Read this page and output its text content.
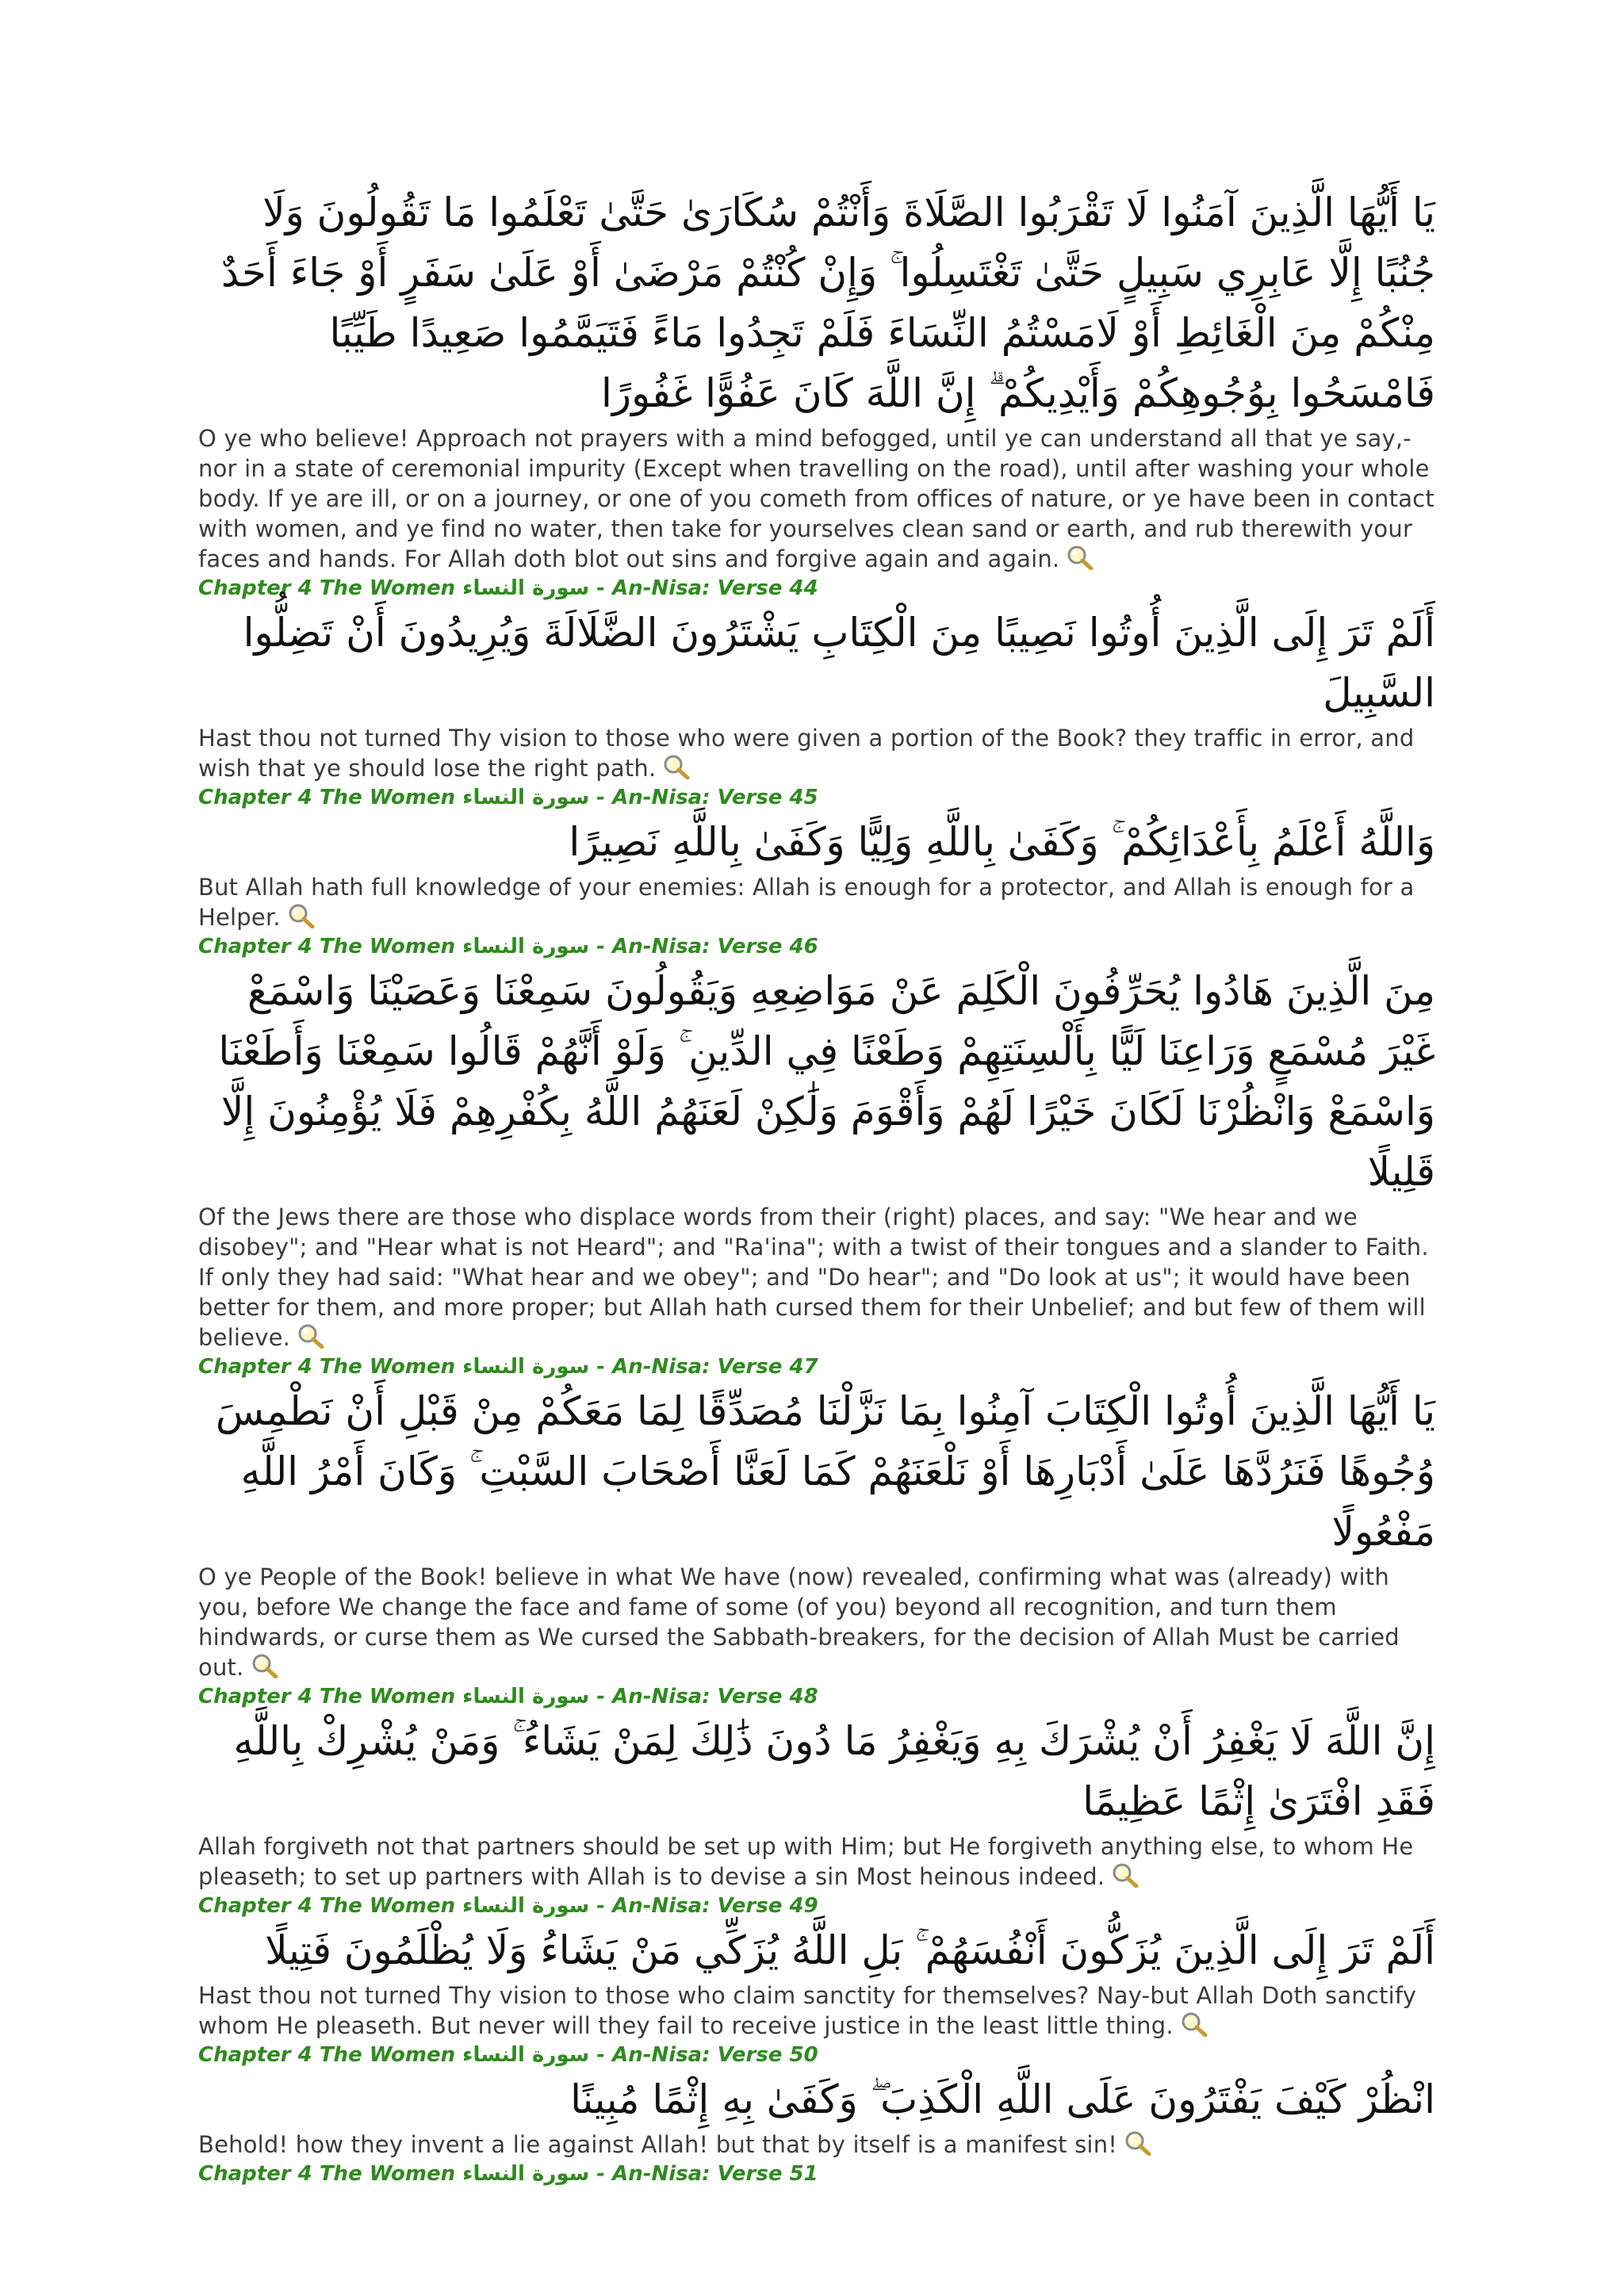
يَا أَيُّهَا الَّذِينَ آمَنُوا لَا تَقْرَبُوا الصَّلَاةَ وَأَنْتُمْ سُكَارَىٰ حَتَّىٰ تَعْلَمُوا مَا تَقُولُونَ وَلَا جُنُبًا إِلَّا عَابِرِي سَبِيلٍ حَتَّىٰ تَغْتَسِلُوا ۚ وَإِنْ كُنْتُمْ مَرْضَىٰ أَوْ عَلَىٰ سَفَرٍ أَوْ جَاءَ أَحَدٌ مِنْكُمْ مِنَ الْغَائِطِ أَوْ لَامَسْتُمُ النِّسَاءَ فَلَمْ تَجِدُوا مَاءً فَتَيَمَّمُوا صَعِيدًا طَيِّبًا فَامْسَحُوا بِوُجُوهِكُمْ وَأَيْدِيكُمْ ۗ إِنَّ اللَّهَ كَانَ عَفُوًّا غَفُورًا

O ye who believe! Approach not prayers with a mind befogged, until ye can understand all that ye say,- nor in a state of ceremonial impurity (Except when travelling on the road), until after washing your whole body. If ye are ill, or on a journey, or one of you cometh from offices of nature, or ye have been in contact with women, and ye find no water, then take for yourselves clean sand or earth, and rub therewith your faces and hands. For Allah doth blot out sins and forgive again and again.

Chapter 4 The Women سورة النساء - An-Nisa: Verse 44

أَلَمْ تَرَ إِلَى الَّذِينَ أُوتُوا نَصِيبًا مِنَ الْكِتَابِ يَشْتَرُونَ الضَّلَالَةَ وَيُرِيدُونَ أَنْ تَضِلُّوا السَّبِيلَ

Hast thou not turned Thy vision to those who were given a portion of the Book? they traffic in error, and wish that ye should lose the right path.

Chapter 4 The Women سورة النساء - An-Nisa: Verse 45

وَاللَّهُ أَعْلَمُ بِأَعْدَائِكُمْ ۚ وَكَفَىٰ بِاللَّهِ وَلِيًّا وَكَفَىٰ بِاللَّهِ نَصِيرًا

But Allah hath full knowledge of your enemies: Allah is enough for a protector, and Allah is enough for a Helper.

Chapter 4 The Women سورة النساء - An-Nisa: Verse 46

مِنَ الَّذِينَ هَادُوا يُحَرِّفُونَ الْكَلِمَ عَنْ مَوَاضِعِهِ وَيَقُولُونَ سَمِعْنَا وَعَصَيْنَا وَاسْمَعْ غَيْرَ مُسْمَعٍ وَرَاعِنَا لَيًّا بِأَلْسِنَتِهِمْ وَطَعْنًا فِي الدِّينِ ۚ وَلَوْ أَنَّهُمْ قَالُوا سَمِعْنَا وَأَطَعْنَا وَاسْمَعْ وَانْظُرْنَا لَكَانَ خَيْرًا لَهُمْ وَأَقْوَمَ وَلَٰكِنْ لَعَنَهُمُ اللَّهُ بِكُفْرِهِمْ فَلَا يُؤْمِنُونَ إِلَّا قَلِيلًا

Of the Jews there are those who displace words from their (right) places, and say: "We hear and we disobey"; and "Hear what is not Heard"; and "Ra'ina"; with a twist of their tongues and a slander to Faith. If only they had said: "What hear and we obey"; and "Do hear"; and "Do look at us"; it would have been better for them, and more proper; but Allah hath cursed them for their Unbelief; and but few of them will believe.

Chapter 4 The Women سورة النساء - An-Nisa: Verse 47

يَا أَيُّهَا الَّذِينَ أُوتُوا الْكِتَابَ آمِنُوا بِمَا نَزَّلْنَا مُصَدِّقًا لِمَا مَعَكُمْ مِنْ قَبْلِ أَنْ نَطْمِسَ وُجُوهًا فَنَرُدَّهَا عَلَىٰ أَدْبَارِهَا أَوْ نَلْعَنَهُمْ كَمَا لَعَنَّا أَصْحَابَ السَّبْتِ ۚ وَكَانَ أَمْرُ اللَّهِ مَفْعُولًا

O ye People of the Book! believe in what We have (now) revealed, confirming what was (already) with you, before We change the face and fame of some (of you) beyond all recognition, and turn them hindwards, or curse them as We cursed the Sabbath-breakers, for the decision of Allah Must be carried out.

Chapter 4 The Women سورة النساء - An-Nisa: Verse 48

إِنَّ اللَّهَ لَا يَغْفِرُ أَنْ يُشْرَكَ بِهِ وَيَغْفِرُ مَا دُونَ ذَٰلِكَ لِمَنْ يَشَاءُ ۚ وَمَنْ يُشْرِكْ بِاللَّهِ فَقَدِ افْتَرَىٰ إِثْمًا عَظِيمًا

Allah forgiveth not that partners should be set up with Him; but He forgiveth anything else, to whom He pleaseth; to set up partners with Allah is to devise a sin Most heinous indeed.

Chapter 4 The Women سورة النساء - An-Nisa: Verse 49

أَلَمْ تَرَ إِلَى الَّذِينَ يُزَكُّونَ أَنْفُسَهُمْ ۚ بَلِ اللَّهُ يُزَكِّي مَنْ يَشَاءُ وَلَا يُظْلَمُونَ فَتِيلًا

Hast thou not turned Thy vision to those who claim sanctity for themselves? Nay-but Allah Doth sanctify whom He pleaseth. But never will they fail to receive justice in the least little thing.

Chapter 4 The Women سورة النساء - An-Nisa: Verse 50

انْظُرْ كَيْفَ يَفْتَرُونَ عَلَى اللَّهِ الْكَذِبَ ۖ وَكَفَىٰ بِهِ إِثْمًا مُبِينًا

Behold! how they invent a lie against Allah! but that by itself is a manifest sin!

Chapter 4 The Women سورة النساء - An-Nisa: Verse 51
